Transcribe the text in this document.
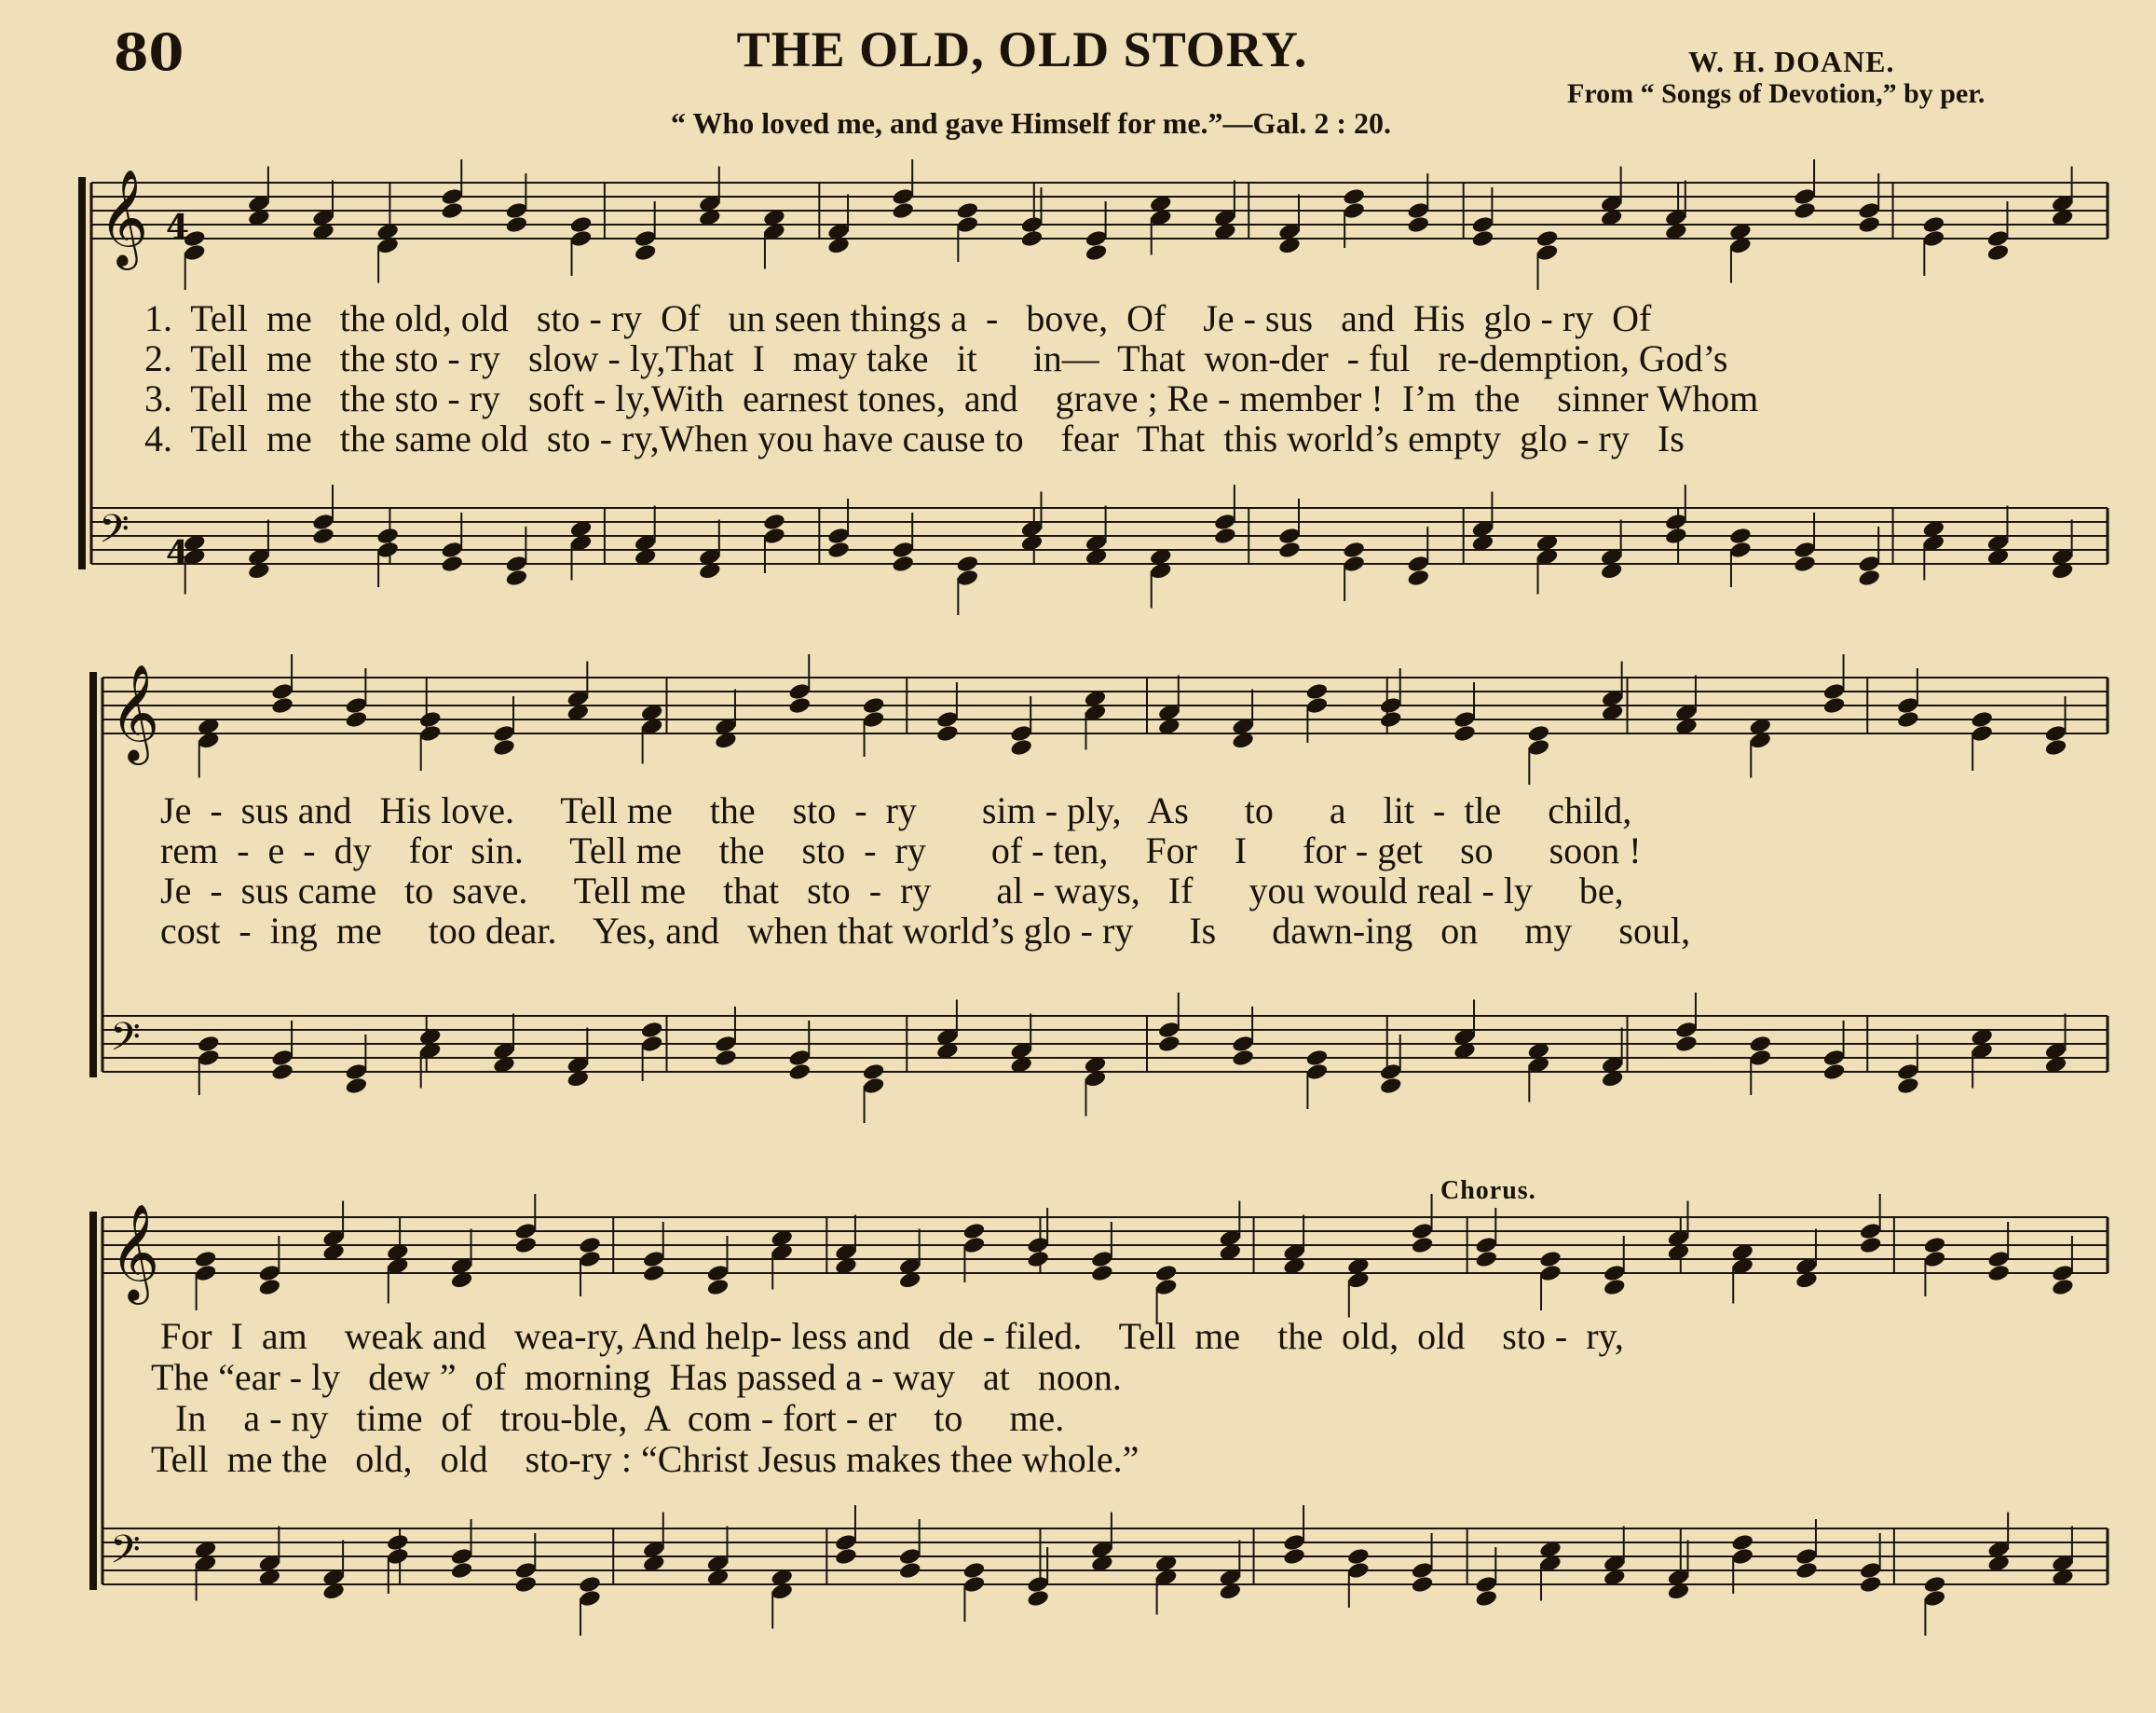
80	THE OLD, OLD STORY.	W. H. DOANE.
From “ Songs of Devotion,” by per.
“ Who loved me, and gave Himself for me.”—Gal. 2 : 20.
Chorus.
𝄞
𝄢
𝄞
𝄢
𝄞
𝄢
4
4
1.  Tell  me   the old, old   sto - ry  Of   un seen things a  -   bove,  Of    Je - sus   and  His  glo - ry  Of
2.  Tell  me   the sto - ry   slow - ly,That  I   may take   it      in—  That  won-der  - ful   re-demption, God’s
3.  Tell  me   the sto - ry   soft - ly,With  earnest tones,  and    grave ; Re - member !  I’m  the    sinner Whom
4.  Tell  me   the same old  sto - ry,When you have cause to    fear  That  this world’s empty  glo - ry   Is
Je  -  sus and   His love.     Tell me    the    sto  -  ry       sim - ply,   As      to      a    lit  -  tle     child,
rem  -  e  -  dy    for  sin.     Tell me    the    sto  -  ry       of - ten,    For    I      for - get    so      soon !
Je  -  sus came   to  save.     Tell me    that   sto  -  ry       al - ways,   If      you would real - ly     be,
cost  -  ing  me     too dear.    Yes, and   when that world’s glo - ry      Is      dawn-ing   on     my     soul,
For  I  am    weak and   wea-ry, And help- less and   de - filed.    Tell  me    the  old,  old    sto -  ry,
The “ear - ly   dew ”  of  morning  Has passed a - way   at   noon.
In    a - ny   time  of   trou-ble,  A  com - fort - er    to     me.
Tell  me the   old,   old    sto-ry : “Christ Jesus makes thee whole.”
